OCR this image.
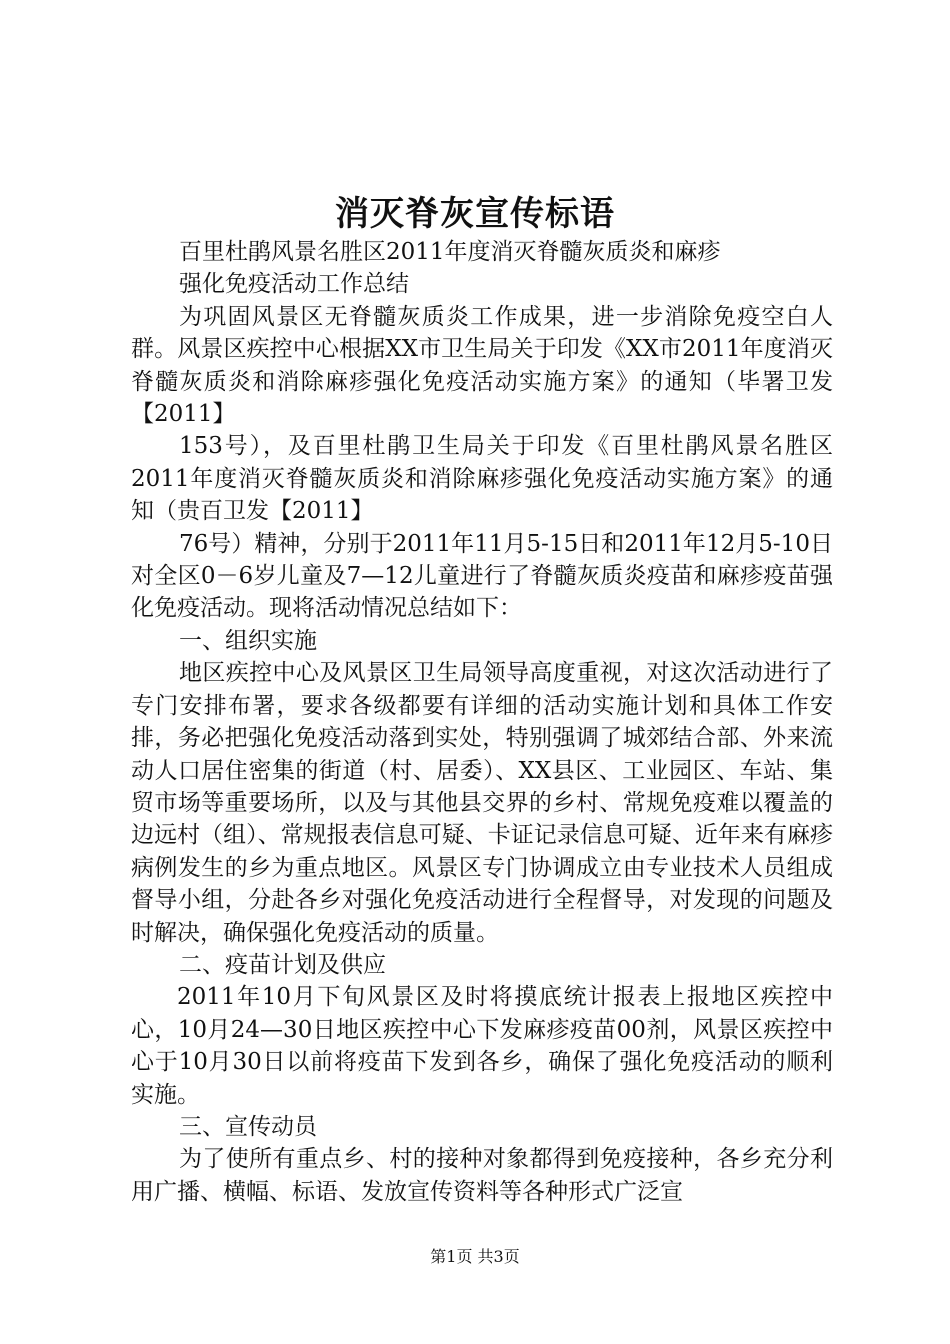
消灭脊灰宣传标语

百里杜鹃风景名胜区2011年度消灭脊髓灰质炎和麻疹

强化免疫活动工作总结

为巩固风景区无脊髓灰质炎工作成果，进一步消除免疫空白人群。风景区疾控中心根据XX市卫生局关于印发《XX市2011年度消灭脊髓灰质炎和消除麻疹强化免疫活动实施方案》的通知（毕署卫发【2011】

153号），及百里杜鹃卫生局关于印发《百里杜鹃风景名胜区2011年度消灭脊髓灰质炎和消除麻疹强化免疫活动实施方案》的通知（贵百卫发【2011】

76号）精神，分别于2011年11月5-15日和2011年12月5-10日对全区0－6岁儿童及7—12儿童进行了脊髓灰质炎疫苗和麻疹疫苗强化免疫活动。现将活动情况总结如下：

一、组织实施

地区疾控中心及风景区卫生局领导高度重视，对这次活动进行了专门安排布署，要求各级都要有详细的活动实施计划和具体工作安排，务必把强化免疫活动落到实处，特别强调了城郊结合部、外来流动人口居住密集的街道（村、居委）、XX县区、工业园区、车站、集贸市场等重要场所，以及与其他县交界的乡村、常规免疫难以覆盖的边远村（组）、常规报表信息可疑、卡证记录信息可疑、近年来有麻疹病例发生的乡为重点地区。风景区专门协调成立由专业技术人员组成督导小组，分赴各乡对强化免疫活动进行全程督导，对发现的问题及时解决，确保强化免疫活动的质量。

二、疫苗计划及供应

2011年10月下旬风景区及时将摸底统计报表上报地区疾控中心，10月24—30日地区疾控中心下发麻疹疫苗00剂，风景区疾控中心于10月30日以前将疫苗下发到各乡，确保了强化免疫活动的顺利实施。

三、宣传动员

为了使所有重点乡、村的接种对象都得到免疫接种，各乡充分利用广播、横幅、标语、发放宣传资料等各种形式广泛宣

第1页 共3页
